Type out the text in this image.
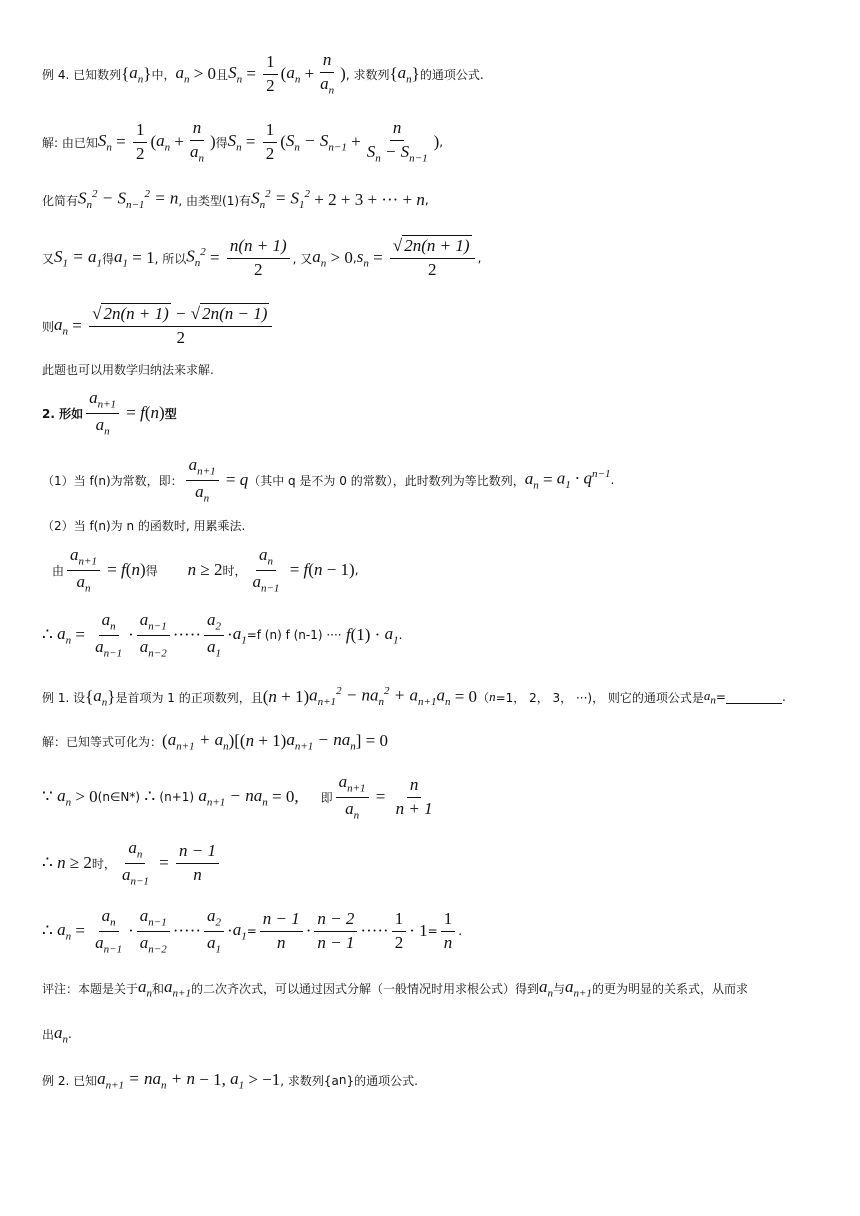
例 4. 已知数列 { $a_n$ } 中， $a_n > 0$ 且 $S_n = \frac{1}{2}$ ( $a_n + \frac{n}{a_n}$ ) , 求数列 { $a_n$ } 的通项公式.
解: 由已知 $S_n = \frac{1}{2}$ ( $a_n + \frac{n}{a_n}$ ) 得 $S_n = \frac{1}{2}$ ( $S_n - S_{n-1} + \frac{n}{S_n - S_{n-1}}$ ) ,
化简有 $S_n^2 - S_{n-1}^2 = n$ , 由类型(1)有 $S_n^2 = S_1^2 + 2 + 3$ + ··· + n ,
又 $S_1 = a_1$ 得 $a_1 = 1$ , 所以 $S_n^2 = \frac{n(n + 1)}{2}$ , 又 $a_n > 0$ , $s_n = \frac{√ 2n(n + 1)}{2}$ ,
则 $a_n = \frac{√ 2n(n + 1) - √ 2n(n - 1)}{2}$
此题也可以用数学归纳法来求解.
2. 形如 $\frac{a_{n+1}}{a_n} = f$ ( n ) 型
（1）当 f(n)为常数，即： $\frac{a_{n+1}}{a_n} = q$ （其中 q 是不为 0 的常数），此时数列为等比数列， $a_n = a_1 \cdot q^{n-1}$ .
（2）当 f(n)为 n 的函数时, 用累乘法.
由 $\frac{a_{n+1}}{a_n} = f$ ( n ) 得 n ≥ 2 时， $\frac{a_n}{a_{n-1}} = f$ ( n − 1) ,
∴ $a_n = \frac{a_n}{a_{n-1}} \cdot \frac{a_{n-1}}{a_{n-2}}$ ····· $\frac{a_2}{a_1} \cdot a_1 =f$ (n) f (n-1) ···· f $(1) \cdot a_1$ .
例 1. 设 { $a_n$ } 是首项为 1 的正项数列，且 ( n + 1) $a_{n+1}^2 - na_n^2 + a_{n+1}a_n = 0$ （ n =1， 2， 3， ···)， 则它的通项公式是 $a_n$ =	.
解：已知等式可化为： ( $a_{n+1} + a_n$ )[( n + 1) $a_{n+1} - na_n$ ] = 0
∵ $a_n > 0$ (n∈N * ) ∴ (n+1) $a_{n+1} - na_n = 0$, 即 $\frac{a_{n+1}}{a_n} = \frac{n}{n + 1}$
∴ n ≥ 2 时， $\frac{a_n}{a_{n-1}} = \frac{n - 1}{n}$
∴ $a_n = \frac{a_n}{a_{n-1}} \cdot \frac{a_{n-1}}{a_{n-2}}$ ····· $\frac{a_2}{a_1} \cdot a_1 = \frac{n - 1}{n} \cdot \frac{n - 2}{n - 1}$ ····· $\frac{1}{2} \cdot 1 = \frac{1}{n}$ .
评注：本题是关于 $a_n$ 和 $a_{n+1}$ 的二次齐次式，可以通过因式分解（一般情况时用求根公式）得到 $a_n$ 与 $a_{n+1}$ 的更为明显的关系式，从而求
出 $a_n$ .
例 2. 已知 $a_{n+1} = na_n + n - 1$, $a_1 > -1$ , 求数列{a n }的通项公式.
